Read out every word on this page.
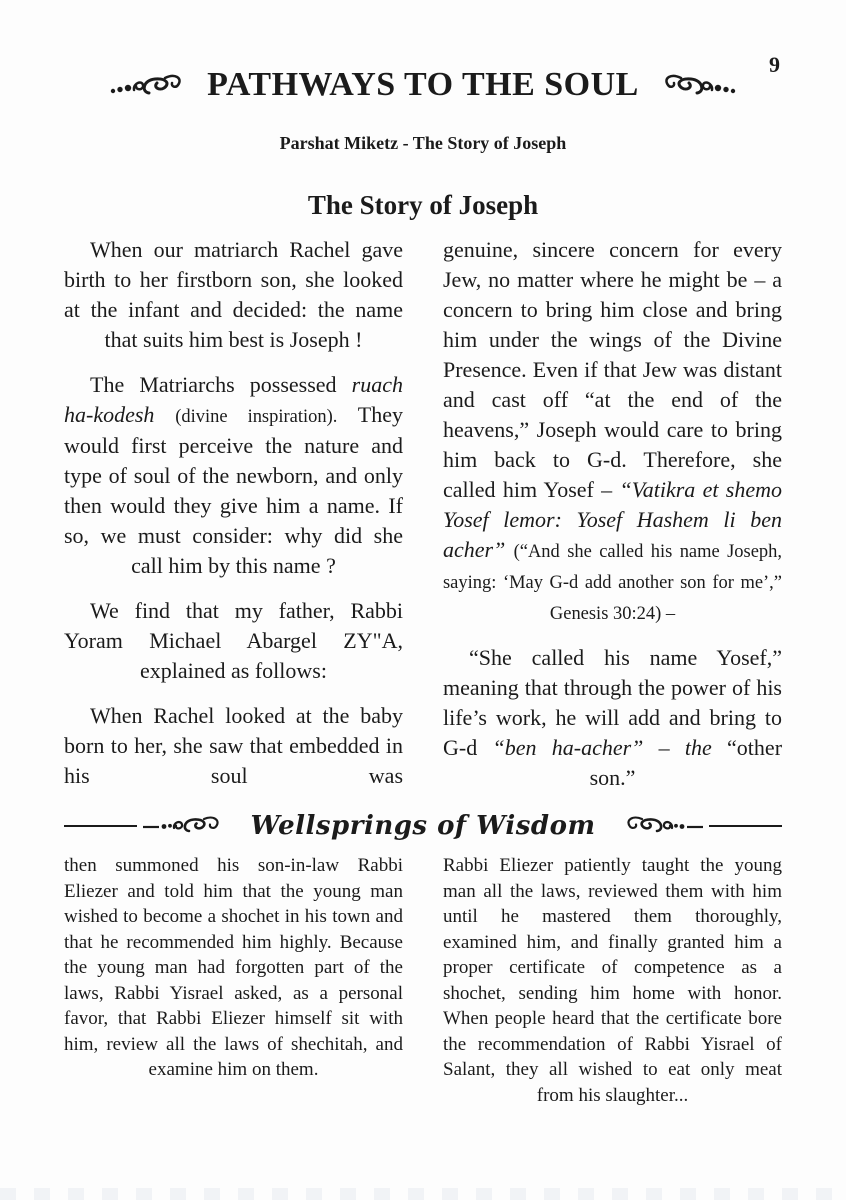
PATHWAYS TO THE SOUL
9
Parshat Miketz - The Story of Joseph
The Story of Joseph

When our matriarch Rachel gave birth to her firstborn son, she looked at the infant and decided: the name that suits him best is Joseph !

The Matriarchs possessed ruach ha-kodesh (divine inspiration). They would first perceive the nature and type of soul of the newborn, and only then would they give him a name. If so, we must consider: why did she call him by this name ?

We find that my father, Rabbi Yoram Michael Abargel ZY"A, explained as follows:

When Rachel looked at the baby born to her, she saw that embedded in his soul was

genuine, sincere concern for every Jew, no matter where he might be – a concern to bring him close and bring him under the wings of the Divine Presence. Even if that Jew was distant and cast off “at the end of the heavens,” Joseph would care to bring him back to G-d. Therefore, she called him Yosef – “Vatikra et shemo Yosef lemor: Yosef Hashem li ben acher” (“And she called his name Joseph, saying: ‘May G-d add another son for me’,” Genesis 30:24) –

“She called his name Yosef,” meaning that through the power of his life’s work, he will add and bring to G-d “ben ha-acher” – the “other son.”

Wellsprings of Wisdom

then summoned his son-in-law Rabbi Eliezer and told him that the young man wished to become a shochet in his town and that he recommended him highly. Because the young man had forgotten part of the laws, Rabbi Yisrael asked, as a personal favor, that Rabbi Eliezer himself sit with him, review all the laws of shechitah, and examine him on them.

Rabbi Eliezer patiently taught the young man all the laws, reviewed them with him until he mastered them thoroughly, examined him, and finally granted him a proper certificate of competence as a shochet, sending him home with honor. When people heard that the certificate bore the recommendation of Rabbi Yisrael of Salant, they all wished to eat only meat from his slaughter...
